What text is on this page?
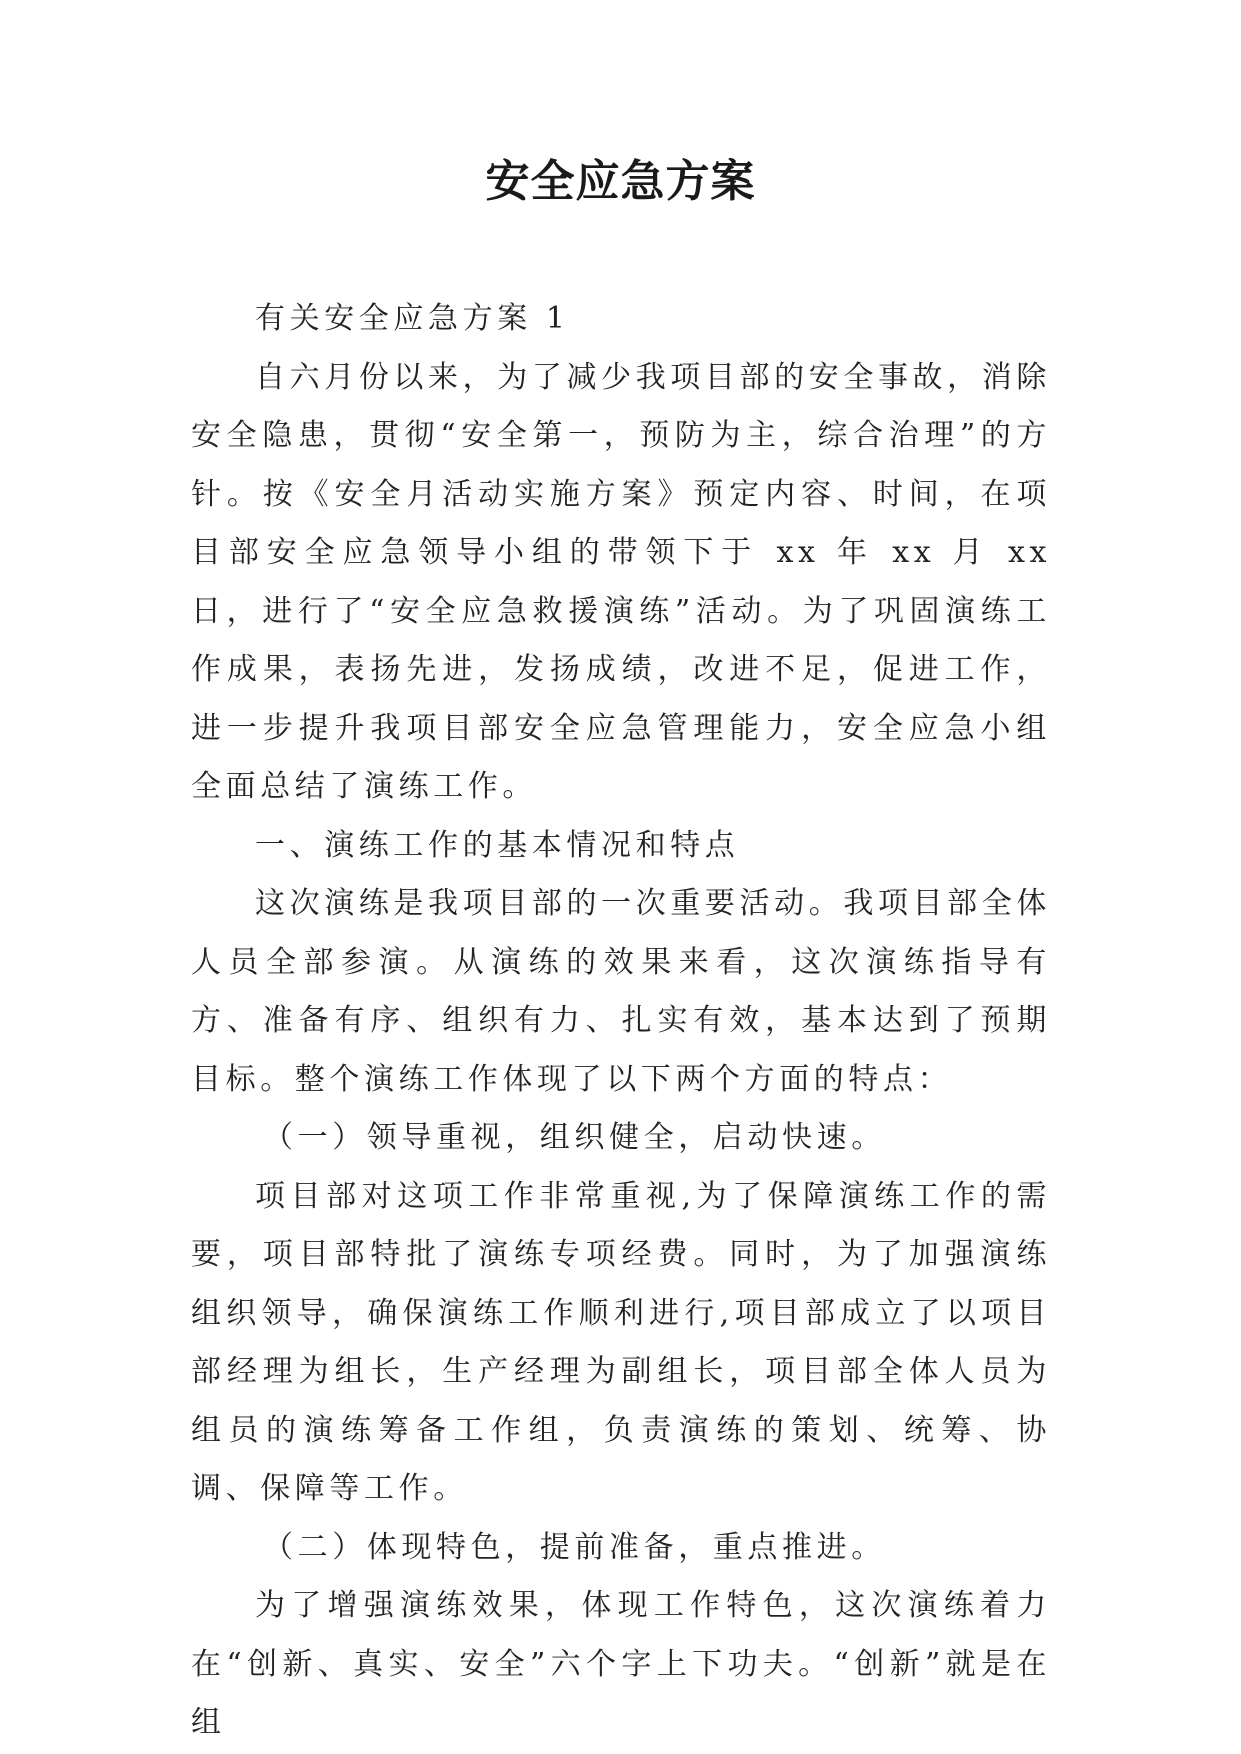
安全应急方案

有关安全应急方案 1

自六月份以来，为了减少我项目部的安全事故，消除安全隐患，贯彻“安全第一，预防为主，综合治理”的方针。按《安全月活动实施方案》预定内容、时间，在项目部安全应急领导小组的带领下于 xx 年 xx 月 xx 日，进行了“安全应急救援演练”活动。为了巩固演练工作成果，表扬先进，发扬成绩，改进不足，促进工作，进一步提升我项目部安全应急管理能力，安全应急小组全面总结了演练工作。

一、演练工作的基本情况和特点

这次演练是我项目部的一次重要活动。我项目部全体人员全部参演。从演练的效果来看，这次演练指导有方、准备有序、组织有力、扎实有效，基本达到了预期目标。整个演练工作体现了以下两个方面的特点：

（一）领导重视，组织健全，启动快速。

项目部对这项工作非常重视,为了保障演练工作的需要，项目部特批了演练专项经费。同时，为了加强演练组织领导，确保演练工作顺利进行,项目部成立了以项目部经理为组长，生产经理为副组长，项目部全体人员为组员的演练筹备工作组，负责演练的策划、统筹、协调、保障等工作。

（二）体现特色，提前准备，重点推进。

为了增强演练效果，体现工作特色，这次演练着力在“创新、真实、安全”六个字上下功夫。“创新”就是在组
